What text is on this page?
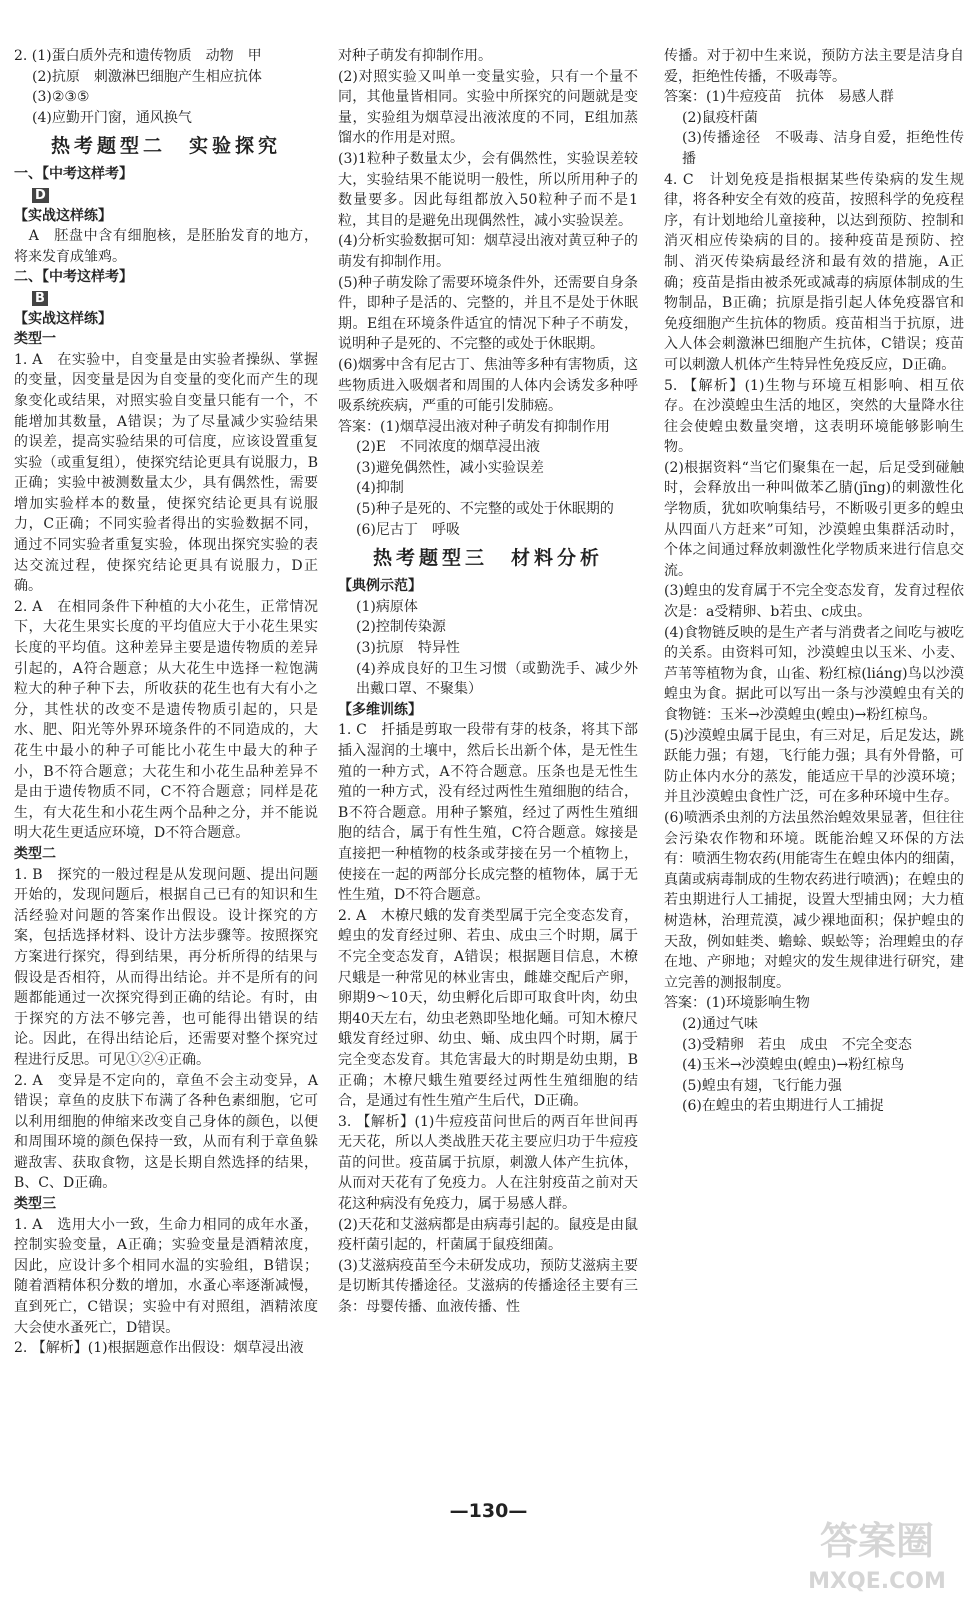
2. (1)蛋白质外壳和遗传物质　动物　甲

(2)抗原　刺激淋巴细胞产生相应抗体

(3)②③⑤

(4)应勤开门窗，通风换气

热考题型二　实验探究
一、【中考这样考】
D
【实战这样练】

　A　胚盘中含有细胞核，是胚胎发育的地方，将来发育成雏鸡。

二、【中考这样考】
B
【实战这样练】
类型一

1. A　在实验中，自变量是由实验者操纵、掌握的变量，因变量是因为自变量的变化而产生的现象变化或结果，对照实验自变量只能有一个，不能增加其数量，A错误；为了尽量减少实验结果的误差，提高实验结果的可信度，应该设置重复实验（或重复组），使探究结论更具有说服力，B正确；实验中被测数量太少，具有偶然性，需要增加实验样本的数量，使探究结论更具有说服力，C正确；不同实验者得出的实验数据不同，通过不同实验者重复实验，体现出探究实验的表达交流过程，使探究结论更具有说服力，D正确。

2. A　在相同条件下种植的大小花生，正常情况下，大花生果实长度的平均值应大于小花生果实长度的平均值。这种差异主要是遗传物质的差异引起的，A符合题意；从大花生中选择一粒饱满粒大的种子种下去，所收获的花生也有大有小之分，其性状的改变不是遗传物质引起的，只是水、肥、阳光等外界环境条件的不同造成的，大花生中最小的种子可能比小花生中最大的种子小，B不符合题意；大花生和小花生品种差异不是由于遗传物质不同，C不符合题意；同样是花生，有大花生和小花生两个品种之分，并不能说明大花生更适应环境，D不符合题意。

类型二

1. B　探究的一般过程是从发现问题、提出问题开始的，发现问题后，根据自己已有的知识和生活经验对问题的答案作出假设。设计探究的方案，包括选择材料、设计方法步骤等。按照探究方案进行探究，得到结果，再分析所得的结果与假设是否相符，从而得出结论。并不是所有的问题都能通过一次探究得到正确的结论。有时，由于探究的方法不够完善，也可能得出错误的结论。因此，在得出结论后，还需要对整个探究过程进行反思。可见①②④正确。

2. A　变异是不定向的，章鱼不会主动变异，A错误；章鱼的皮肤下布满了各种色素细胞，它可以利用细胞的伸缩来改变自己身体的颜色，以便和周围环境的颜色保持一致，从而有利于章鱼躲避敌害、获取食物，这是长期自然选择的结果，B、C、D正确。

类型三

1. A　选用大小一致，生命力相同的成年水蚤，控制实验变量，A正确；实验变量是酒精浓度，因此，应设计多个相同水温的实验组，B错误；随着酒精体积分数的增加，水蚤心率逐渐减慢，直到死亡，C错误；实验中有对照组，酒精浓度大会使水蚤死亡，D错误。

2. 【解析】(1)根据题意作出假设：烟草浸出液

对种子萌发有抑制作用。

(2)对照实验又叫单一变量实验，只有一个量不同，其他量皆相同。实验中所探究的问题就是变量，实验组为烟草浸出液浓度的不同，E组加蒸馏水的作用是对照。

(3)1粒种子数量太少，会有偶然性，实验误差较大，实验结果不能说明一般性，所以所用种子的数量要多。因此每组都放入50粒种子而不是1粒，其目的是避免出现偶然性，减小实验误差。

(4)分析实验数据可知：烟草浸出液对黄豆种子的萌发有抑制作用。

(5)种子萌发除了需要环境条件外，还需要自身条件，即种子是活的、完整的，并且不是处于休眠期。E组在环境条件适宜的情况下种子不萌发，说明种子是死的、不完整的或处于休眠期。

(6)烟雾中含有尼古丁、焦油等多种有害物质，这些物质进入吸烟者和周围的人体内会诱发多种呼吸系统疾病，严重的可能引发肺癌。

答案：(1)烟草浸出液对种子萌发有抑制作用

(2)E　不同浓度的烟草浸出液

(3)避免偶然性，减小实验误差

(4)抑制

(5)种子是死的、不完整的或处于休眠期的

(6)尼古丁　呼吸

热考题型三　材料分析
【典例示范】

(1)病原体

(2)控制传染源

(3)抗原　特异性

(4)养成良好的卫生习惯（或勤洗手、减少外出戴口罩、不聚集）

【多维训练】

1. C　扦插是剪取一段带有芽的枝条，将其下部插入湿润的土壤中，然后长出新个体，是无性生殖的一种方式，A不符合题意。压条也是无性生殖的一种方式，没有经过两性生殖细胞的结合，B不符合题意。用种子繁殖，经过了两性生殖细胞的结合，属于有性生殖，C符合题意。嫁接是直接把一种植物的枝条或芽接在另一个植物上，使接在一起的两部分长成完整的植物体，属于无性生殖，D不符合题意。

2. A　木橑尺蛾的发育类型属于完全变态发育，蝗虫的发育经过卵、若虫、成虫三个时期，属于不完全变态发育，A错误；根据题目信息，木橑尺蛾是一种常见的林业害虫，雌雄交配后产卵，卵期9～10天，幼虫孵化后即可取食叶肉，幼虫期40天左右，幼虫老熟即坠地化蛹。可知木橑尺蛾发育经过卵、幼虫、蛹、成虫四个时期，属于完全变态发育。其危害最大的时期是幼虫期，B正确；木橑尺蛾生殖要经过两性生殖细胞的结合，是通过有性生殖产生后代，D正确。

3. 【解析】(1)牛痘疫苗问世后的两百年世间再无天花，所以人类战胜天花主要应归功于牛痘疫苗的问世。疫苗属于抗原，刺激人体产生抗体，从而对天花有了免疫力。人在注射疫苗之前对天花这种病没有免疫力，属于易感人群。

(2)天花和艾滋病都是由病毒引起的。鼠疫是由鼠疫杆菌引起的，杆菌属于鼠疫细菌。

(3)艾滋病疫苗至今未研发成功，预防艾滋病主要是切断其传播途径。艾滋病的传播途径主要有三条：母婴传播、血液传播、性

传播。对于初中生来说，预防方法主要是洁身自爱，拒绝性传播，不吸毒等。

答案：(1)牛痘疫苗　抗体　易感人群

(2)鼠疫杆菌

(3)传播途径　不吸毒、洁身自爱，拒绝性传播

4. C　计划免疫是指根据某些传染病的发生规律，将各种安全有效的疫苗，按照科学的免疫程序，有计划地给儿童接种，以达到预防、控制和消灭相应传染病的目的。接种疫苗是预防、控制、消灭传染病最经济和最有效的措施，A正确；疫苗是指由被杀死或减毒的病原体制成的生物制品，B正确；抗原是指引起人体免疫器官和免疫细胞产生抗体的物质。疫苗相当于抗原，进入人体会刺激淋巴细胞产生抗体，C错误；疫苗可以刺激人机体产生特异性免疫反应，D正确。

5. 【解析】(1)生物与环境互相影响、相互依存。在沙漠蝗虫生活的地区，突然的大量降水往往会使蝗虫数量突增，这表明环境能够影响生物。

(2)根据资料“当它们聚集在一起，后足受到碰触时，会释放出一种叫做苯乙腈(jīng)的刺激性化学物质，犹如吹响集结号，不断吸引更多的蝗虫从四面八方赶来”可知，沙漠蝗虫集群活动时，个体之间通过释放刺激性化学物质来进行信息交流。

(3)蝗虫的发育属于不完全变态发育，发育过程依次是：a受精卵、b若虫、c成虫。

(4)食物链反映的是生产者与消费者之间吃与被吃的关系。由资料可知，沙漠蝗虫以玉米、小麦、芦苇等植物为食，山雀、粉红椋(liáng)鸟以沙漠蝗虫为食。据此可以写出一条与沙漠蝗虫有关的食物链：玉米→沙漠蝗虫(蝗虫)→粉红椋鸟。

(5)沙漠蝗虫属于昆虫，有三对足，后足发达，跳跃能力强；有翅，飞行能力强；具有外骨骼，可防止体内水分的蒸发，能适应干旱的沙漠环境；并且沙漠蝗虫食性广泛，可在多种环境中生存。

(6)喷洒杀虫剂的方法虽然治蝗效果显著，但往往会污染农作物和环境。既能治蝗又环保的方法有：喷洒生物农药(用能寄生在蝗虫体内的细菌，真菌或病毒制成的生物农药进行喷洒)；在蝗虫的若虫期进行人工捕捉，设置大型捕虫网；大力植树造林，治理荒漠，减少裸地面积；保护蝗虫的天敌，例如蛙类、蟾蜍、蜈蚣等；治理蝗虫的存在地、产卵地；对蝗灾的发生规律进行研究，建立完善的测报制度。

答案：(1)环境影响生物

(2)通过气味

(3)受精卵　若虫　成虫　不完全变态

(4)玉米→沙漠蝗虫(蝗虫)→粉红椋鸟

(5)蝗虫有翅，飞行能力强

(6)在蝗虫的若虫期进行人工捕捉

—130—
答案圈
MXQE.COM
